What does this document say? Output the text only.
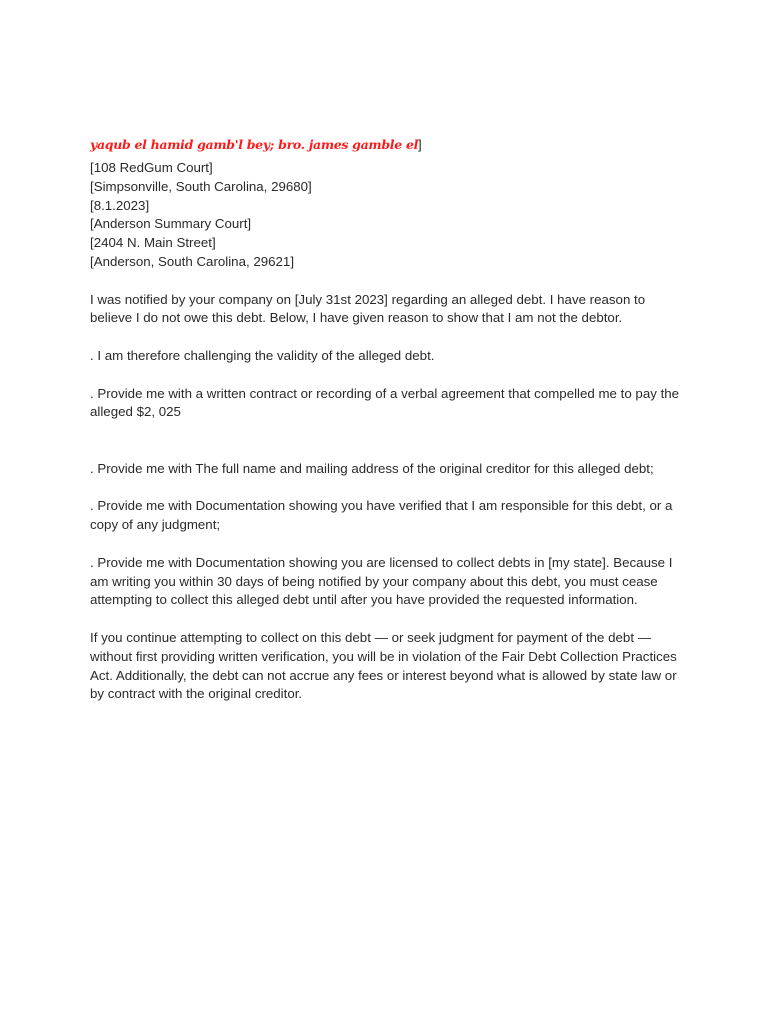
yaqub el hamid gamb'l bey; bro. james gamble el]
[108 RedGum Court]
[Simpsonville, South Carolina, 29680]
[8.1.2023]
[Anderson Summary Court]
[2404 N. Main Street]
[Anderson, South Carolina, 29621]

I was notified by your company on [July 31st 2023] regarding an alleged debt. I have reason to believe I do not owe this debt. Below, I have given reason to show that I am not the debtor.

. I am therefore challenging the validity of the alleged debt.

. Provide me with a written contract or recording of a verbal agreement that compelled me to pay the alleged $2, 025

. Provide me with The full name and mailing address of the original creditor for this alleged debt;

. Provide me with Documentation showing you have verified that I am responsible for this debt, or a copy of any judgment;

. Provide me with Documentation showing you are licensed to collect debts in [my state]. Because I am writing you within 30 days of being notified by your company about this debt, you must cease attempting to collect this alleged debt until after you have provided the requested information.

If you continue attempting to collect on this debt — or seek judgment for payment of the debt — without first providing written verification, you will be in violation of the Fair Debt Collection Practices Act. Additionally, the debt can not accrue any fees or interest beyond what is allowed by state law or by contract with the original creditor.
